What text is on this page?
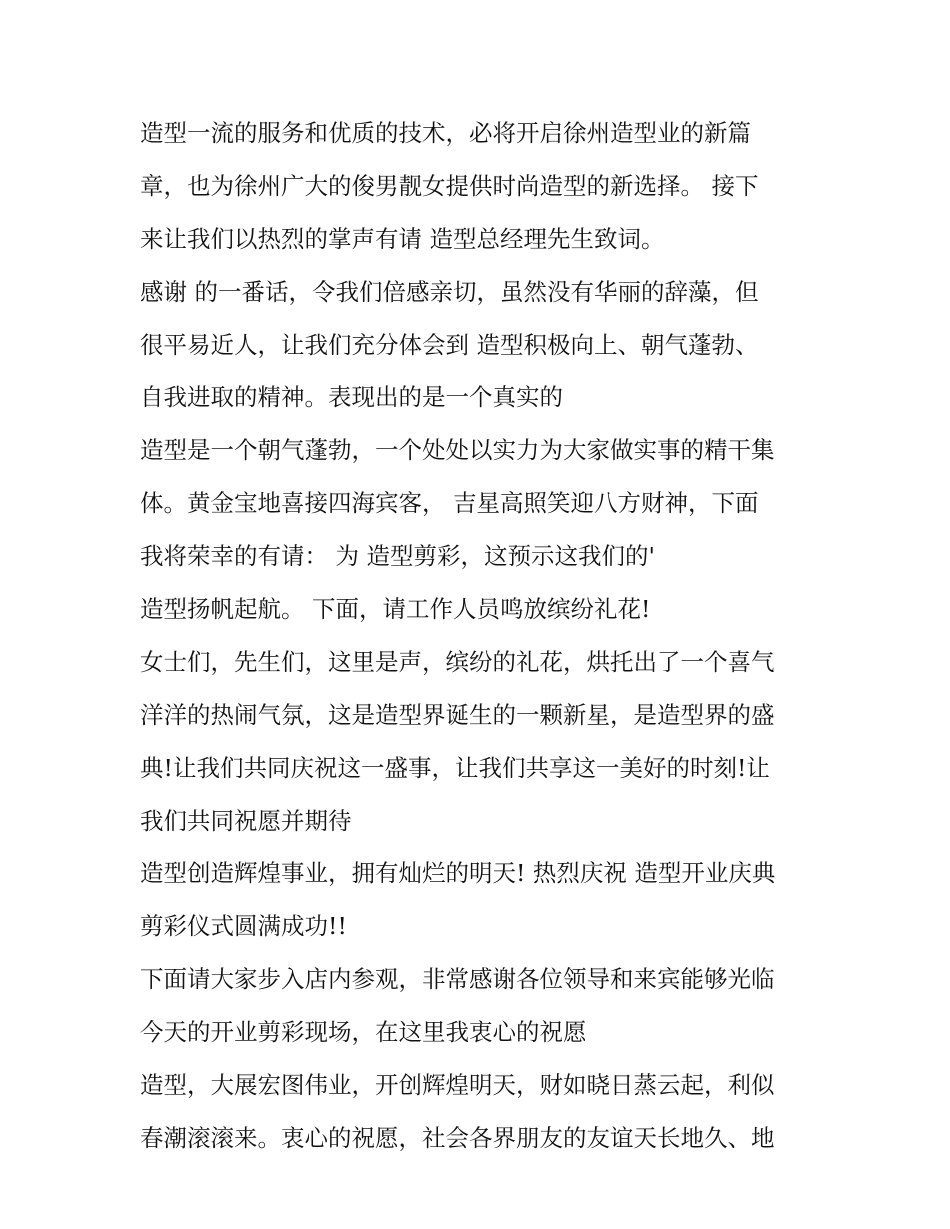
造型一流的服务和优质的技术，必将开启徐州造型业的新篇
章，也为徐州广大的俊男靓女提供时尚造型的新选择。 接下
来让我们以热烈的掌声有请 造型总经理先生致词。
感谢 的一番话，令我们倍感亲切，虽然没有华丽的辞藻，但
很平易近人，让我们充分体会到 造型积极向上、朝气蓬勃、
自我进取的精神。表现出的是一个真实的
造型是一个朝气蓬勃，一个处处以实力为大家做实事的精干集
体。黄金宝地喜接四海宾客， 吉星高照笑迎八方财神，下面
我将荣幸的有请： 为 造型剪彩，这预示这我们的'
造型扬帆起航。 下面，请工作人员鸣放缤纷礼花!
女士们，先生们，这里是声，缤纷的礼花，烘托出了一个喜气
洋洋的热闹气氛，这是造型界诞生的一颗新星，是造型界的盛
典!让我们共同庆祝这一盛事，让我们共享这一美好的时刻!让
我们共同祝愿并期待
造型创造辉煌事业，拥有灿烂的明天! 热烈庆祝 造型开业庆典
剪彩仪式圆满成功!!
下面请大家步入店内参观，非常感谢各位领导和来宾能够光临
今天的开业剪彩现场，在这里我衷心的祝愿
造型，大展宏图伟业，开创辉煌明天，财如晓日蒸云起，利似
春潮滚滚来。衷心的祝愿，社会各界朋友的友谊天长地久、地
